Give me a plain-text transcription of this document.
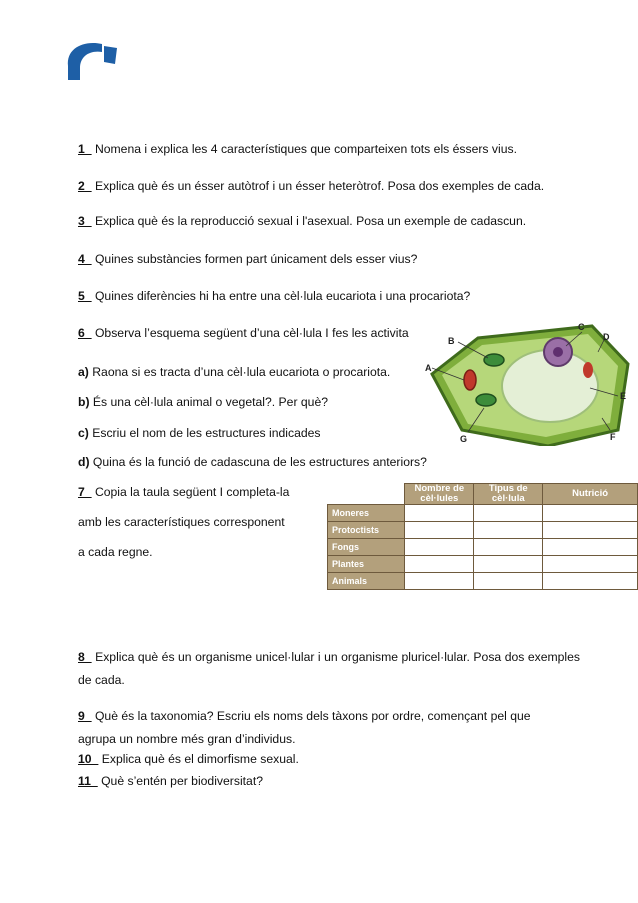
1_ Nomena i explica les 4 característiques que comparteixen tots els éssers vius.
2_ Explica què és un ésser autòtrof i un ésser heteròtrof. Posa dos exemples de cada.
3_ Explica què és la reproducció sexual i l'asexual. Posa un exemple de cadascun.
4_ Quines substàncies formen part únicament dels esser vius?
5_ Quines diferències hi ha entre una cèl·lula eucariota i una procariota?
6_ Observa l’esquema següent d’una cèl·lula I fes les activita
a) Raona si es tracta d’una cèl·lula eucariota o procariota.
b) És una cèl·lula animal o vegetal?. Per què?
c) Escriu el nom de les estructures indicades
d) Quina és la funció de cadascuna de les estructures anteriors?
A
B
C
D
E
F
G
7_ Copia la taula següent I completa-la
amb les característiques corresponent
a cada regne.
	Nombre de cèl·lules	Tipus de cèl·lula	Nutrició
Moneres			
Protoctists			
Fongs			
Plantes			
Animals			
8_ Explica què és un organisme unicel·lular i un organisme pluricel·lular. Posa dos exemples de cada.
9_ Què és la taxonomia? Escriu els noms dels tàxons por ordre, començant pel que agrupa un nombre més gran d’individus.
10_ Explica què és el dimorfisme sexual.
11_ Què s’entén per biodiversitat?
